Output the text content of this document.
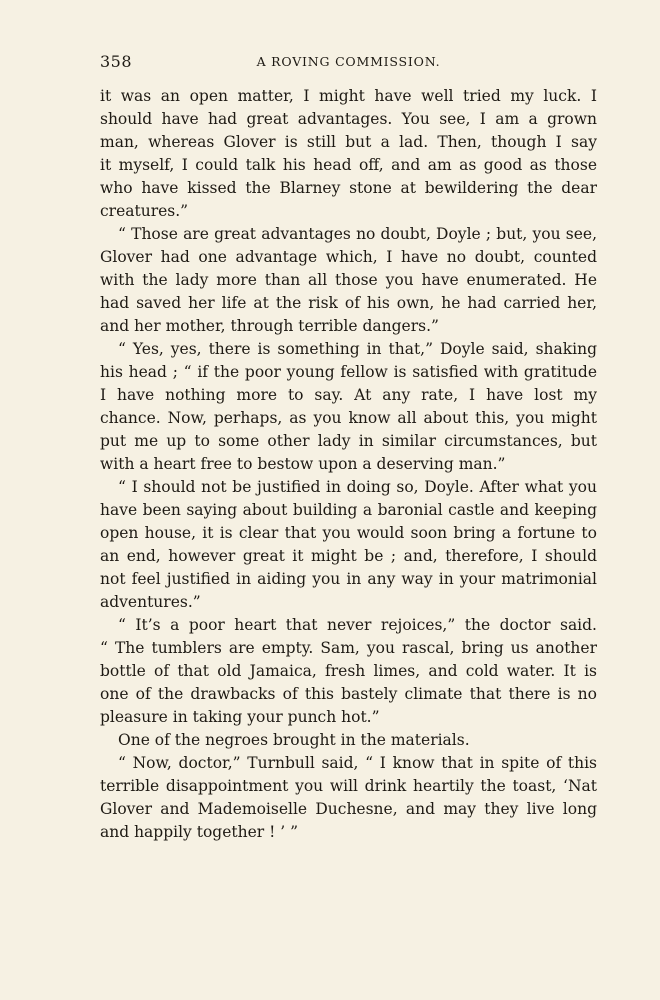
358	A ROVING COMMISSION.
it was an open matter, I might have well tried my luck. I
should have had great advantages. You see, I am a grown
man, whereas Glover is still but a lad. Then, though I say
it myself, I could talk his head off, and am as good as those
who have kissed the Blarney stone at bewildering the dear
creatures.”
“ Those are great advantages no doubt, Doyle ; but, you see,
Glover had one advantage which, I have no doubt, counted
with the lady more than all those you have enumerated. He
had saved her life at the risk of his own, he had carried her,
and her mother, through terrible dangers.”
“ Yes, yes, there is something in that,” Doyle said, shaking
his head ; “ if the poor young fellow is satisfied with gratitude
I have nothing more to say. At any rate, I have lost my
chance. Now, perhaps, as you know all about this, you might
put me up to some other lady in similar circumstances, but
with a heart free to bestow upon a deserving man.”
“ I should not be justified in doing so, Doyle. After what you
have been saying about building a baronial castle and keeping
open house, it is clear that you would soon bring a fortune to
an end, however great it might be ; and, therefore, I should
not feel justified in aiding you in any way in your matrimonial
adventures.”
“ It’s a poor heart that never rejoices,” the doctor said.
“ The tumblers are empty. Sam, you rascal, bring us another
bottle of that old Jamaica, fresh limes, and cold water. It is
one of the drawbacks of this bastely climate that there is no
pleasure in taking your punch hot.”
One of the negroes brought in the materials.
“ Now, doctor,” Turnbull said, “ I know that in spite of this
terrible disappointment you will drink heartily the toast, ‘Nat
Glover and Mademoiselle Duchesne, and may they live long
and happily together ! ’ ”
